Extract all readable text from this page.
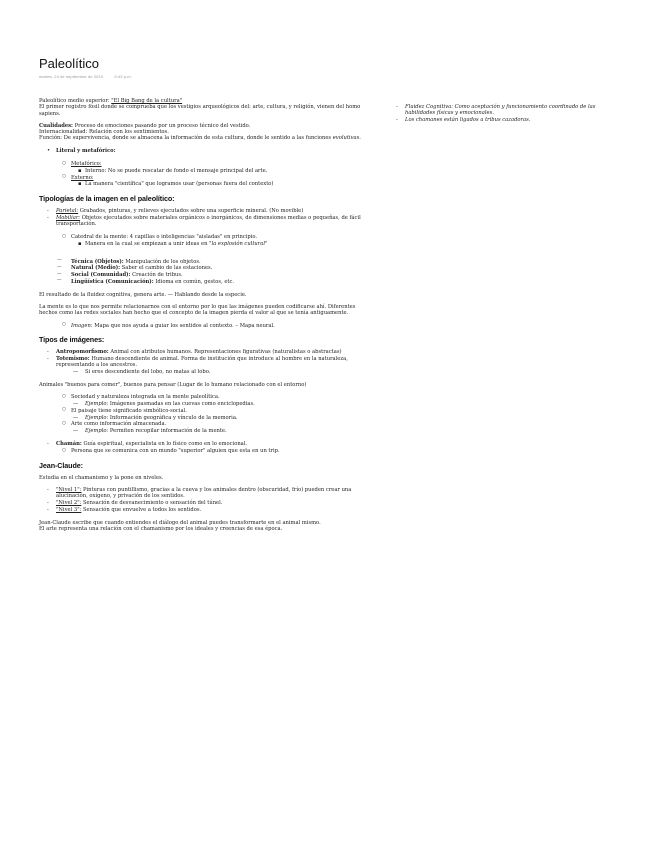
Paleolítico
martes, 24 de septiembre de 2019	9:43 p.m.

Paleolítico medio superior: "El Big Bang de la cultura"
El primer registro fósil donde se comprueba que los vestigios arqueológicos del: arte, cultura, y religión, vienen del homo sapiens.

Cualidades: Proceso de emociones pasando por un proceso técnico del vestido.
Internacionalidad: Relación con los sentimientos.
Función: De supervivencia, donde se almacena la información de esta cultura, donde le sentido a las funciones evolutivas.

• Literal y metafórico:
○ Metafórico:
▪ Interno: No se puede rescatar de fondo el mensaje principal del arte.
○ Externo:
▪ La manera "científica" que logramos usar (personas fuera del contexto)
Tipologías de la imagen en el paleolítico:
- Parietal: Grabados, pinturas, y relieves ejecutados sobre una superficie mineral. (No movible)
- Mobiliar: Objetos ejecutados sobre materiales orgánicos o inorgánicos, de dimensiones medias o pequeñas, de fácil transportación.
○ Catedral de la mente: 4 capillas o inteligencias "aisladas" en principio.
▪ Manera en la cual se empiezan a unir ideas en "la explosión cultural"
— Técnica (Objetos): Manipulación de los objetos.
— Natural (Medio): Saber el cambio de las estaciones.
— Social (Comunidad): Creación de tribus.
— Lingüística (Comunicación): Idioma en común, gestos, etc.

El resultado de la fluidez cognitiva, genera arte. — Hablando desde la especie.

La mente es lo que nos permite relacionarnos con el entorno por lo que las imágenes pueden codificarse ahí. Diferentes hechos como las redes sociales han hecho que el concepto de la imagen pierda el valor al que se tenía antiguamente.

○ Imagen: Mapa que nos ayuda a guiar los sentidos al contexto. – Mapa neural.
Tipos de imágenes:
- Antropomorfismo: Animal con atributos humanos. Representaciones figurativas (naturalistas o abstractas)
- Totemismo: Humano descendiente de animal. Forma de institución que introduce al hombre en la naturaleza, representando a los ancestros.
— Si eres descendiente del lobo, no matas al lobo.

Animales "buenos para comer", buenos para pensar (Lugar de lo humano relacionado con el entorno)

○ Sociedad y naturaleza integrada en la mente paleolítica.
— Ejemplo: Imágenes pasmadas en las cuevas como enciclopedias.
○ El paisaje tiene significado simbólico-social.
— Ejemplo: Información geográfica y vínculo de la memoria.
○ Arte como información almacenada.
— Ejemplo: Permiten recopilar información de la mente.
- Chamán: Guía espiritual, especialista en lo físico como en lo emocional.
○ Persona que se comunica con un mundo "superior" alguien que esta en un trip.
Jean-Claude:

Estudia en el chamanismo y la pone en niveles.

- "Nivel 1": Pinturas con puntillismo, gracias a la cueva y los animales dentro (obscuridad, frío) pueden crear una alucinación, oxígeno, y privación de los sentidos.
- "Nivel 2": Sensación de desvanecimiento o sensación del túnel.
- "Nivel 3": Sensación que envuelve a todos los sentidos.

Jean-Claude escribe que cuando entiendes el diálogo del animal puedes transformarte en el animal mismo.
El arte representa una relación con el chamanismo por los ideales y creencias de esa época.

- Fluidez Cognitiva: Como aceptación y funcionamiento coordinado de las habilidades físicas y emocionales.
- Los chamanes están ligados a tribus cazadoras.
